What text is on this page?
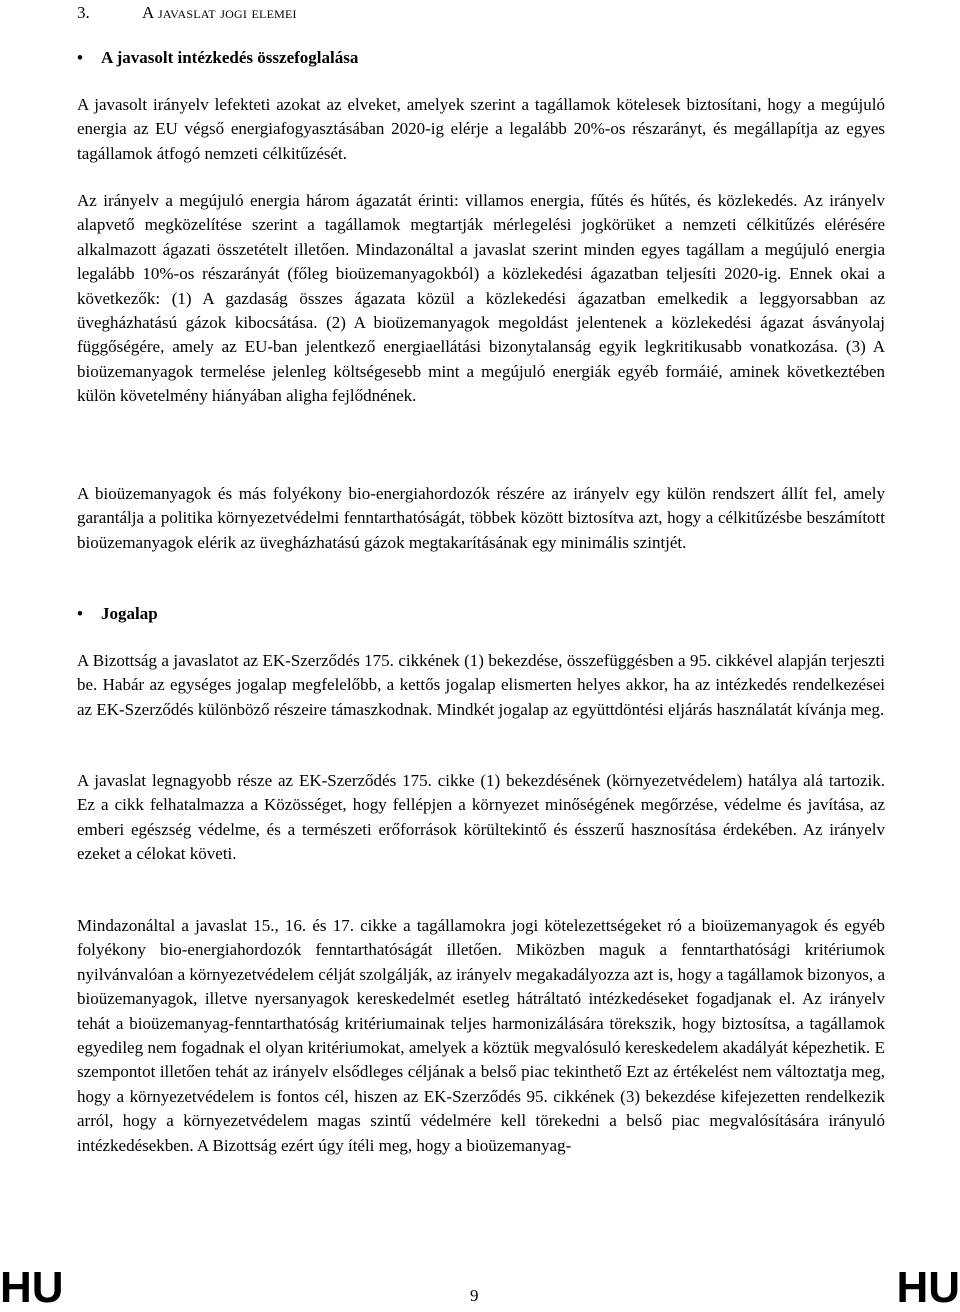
3.	A javaslat jogi elemei
• A javasolt intézkedés összefoglalása

A javasolt irányelv lefekteti azokat az elveket, amelyek szerint a tagállamok kötelesek biztosítani, hogy a megújuló energia az EU végső energiafogyasztásában 2020-ig elérje a legalább 20%-os részarányt, és megállapítja az egyes tagállamok átfogó nemzeti célkitűzését.

Az irányelv a megújuló energia három ágazatát érinti: villamos energia, fűtés és hűtés, és közlekedés. Az irányelv alapvető megközelítése szerint a tagállamok megtartják mérlegelési jogkörüket a nemzeti célkitűzés elérésére alkalmazott ágazati összetételt illetően. Mindazonáltal a javaslat szerint minden egyes tagállam a megújuló energia legalább 10%-os részarányát (főleg bioüzemanyagokból) a közlekedési ágazatban teljesíti 2020-ig. Ennek okai a következők: (1) A gazdaság összes ágazata közül a közlekedési ágazatban emelkedik a leggyorsabban az üvegházhatású gázok kibocsátása. (2) A bioüzemanyagok megoldást jelentenek a közlekedési ágazat ásványolaj függőségére, amely az EU-ban jelentkező energiaellátási bizonytalanság egyik legkritikusabb vonatkozása. (3) A bioüzemanyagok termelése jelenleg költségesebb mint a megújuló energiák egyéb formáié, aminek következtében külön követelmény hiányában aligha fejlődnének.

A bioüzemanyagok és más folyékony bio-energiahordozók részére az irányelv egy külön rendszert állít fel, amely garantálja a politika környezetvédelmi fenntarthatóságát, többek között biztosítva azt, hogy a célkitűzésbe beszámított bioüzemanyagok elérik az üvegházhatású gázok megtakarításának egy minimális szintjét.

• Jogalap

A Bizottság a javaslatot az EK-Szerződés 175. cikkének (1) bekezdése, összefüggésben a 95. cikkével alapján terjeszti be. Habár az egységes jogalap megfelelőbb, a kettős jogalap elismerten helyes akkor, ha az intézkedés rendelkezései az EK-Szerződés különböző részeire támaszkodnak. Mindkét jogalap az együttdöntési eljárás használatát kívánja meg.

A javaslat legnagyobb része az EK-Szerződés 175. cikke (1) bekezdésének (környezetvédelem) hatálya alá tartozik. Ez a cikk felhatalmazza a Közösséget, hogy fellépjen a környezet minőségének megőrzése, védelme és javítása, az emberi egészség védelme, és a természeti erőforrások körültekintő és ésszerű hasznosítása érdekében. Az irányelv ezeket a célokat követi.

Mindazonáltal a javaslat 15., 16. és 17. cikke a tagállamokra jogi kötelezettségeket ró a bioüzemanyagok és egyéb folyékony bio-energiahordozók fenntarthatóságát illetően. Miközben maguk a fenntarthatósági kritériumok nyilvánvalóan a környezetvédelem célját szolgálják, az irányelv megakadályozza azt is, hogy a tagállamok bizonyos, a bioüzemanyagok, illetve nyersanyagok kereskedelmét esetleg hátráltató intézkedéseket fogadjanak el. Az irányelv tehát a bioüzemanyag-fenntarthatóság kritériumainak teljes harmonizálására törekszik, hogy biztosítsa, a tagállamok egyedileg nem fogadnak el olyan kritériumokat, amelyek a köztük megvalósuló kereskedelem akadályát képezhetik. E szempontot illetően tehát az irányelv elsődleges céljának a belső piac tekinthető Ezt az értékelést nem változtatja meg, hogy a környezetvédelem is fontos cél, hiszen az EK-Szerződés 95. cikkének (3) bekezdése kifejezetten rendelkezik arról, hogy a környezetvédelem magas szintű védelmére kell törekedni a belső piac megvalósítására irányuló intézkedésekben. A Bizottság ezért úgy ítéli meg, hogy a bioüzemanyag-

HU	9	HU
